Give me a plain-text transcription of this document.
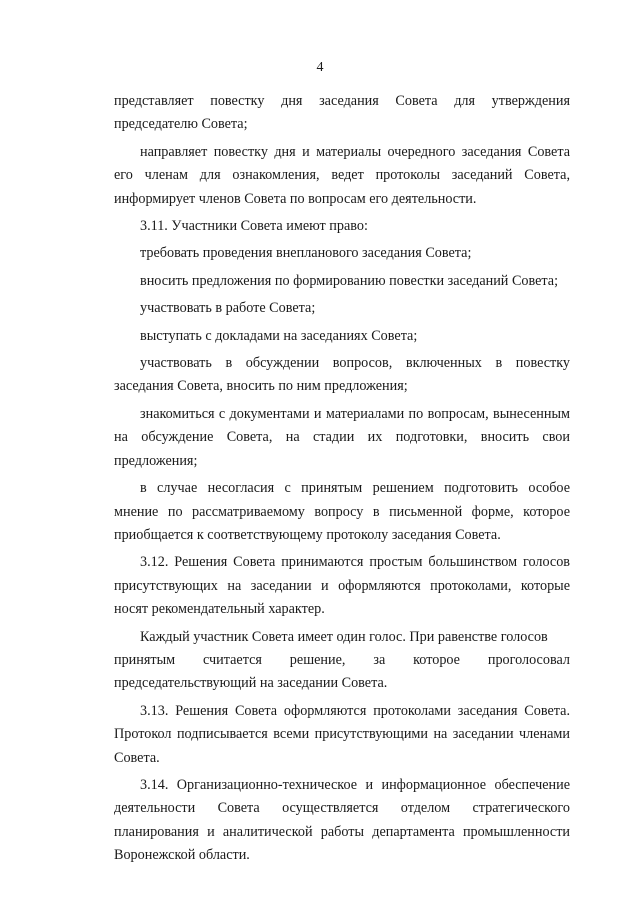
4

представляет повестку дня заседания Совета для утверждения председателю Совета;

направляет повестку дня и материалы очередного заседания Совета его членам для ознакомления, ведет протоколы заседаний Совета, информирует членов Совета по вопросам его деятельности.

3.11. Участники Совета имеют право:

требовать проведения внепланового заседания Совета;

вносить предложения по формированию повестки заседаний Совета;

участвовать в работе Совета;

выступать с докладами на заседаниях Совета;

участвовать в обсуждении вопросов, включенных в повестку заседания Совета, вносить по ним предложения;

знакомиться с документами и материалами по вопросам, вынесенным на обсуждение Совета, на стадии их подготовки, вносить свои предложения;

в случае несогласия с принятым решением подготовить особое мнение по рассматриваемому вопросу в письменной форме, которое приобщается к соответствующему протоколу заседания Совета.

3.12. Решения Совета принимаются простым большинством голосов присутствующих на заседании и оформляются протоколами, которые носят рекомендательный характер.

Каждый участник Совета имеет один голос. При равенстве голосов

принятым считается решение, за которое проголосовал

председательствующий на заседании Совета.

3.13. Решения Совета оформляются протоколами заседания Совета. Протокол подписывается всеми присутствующими на заседании членами Совета.

3.14. Организационно-техническое и информационное обеспечение деятельности Совета осуществляется отделом стратегического планирования и аналитической работы департамента промышленности Воронежской области.
